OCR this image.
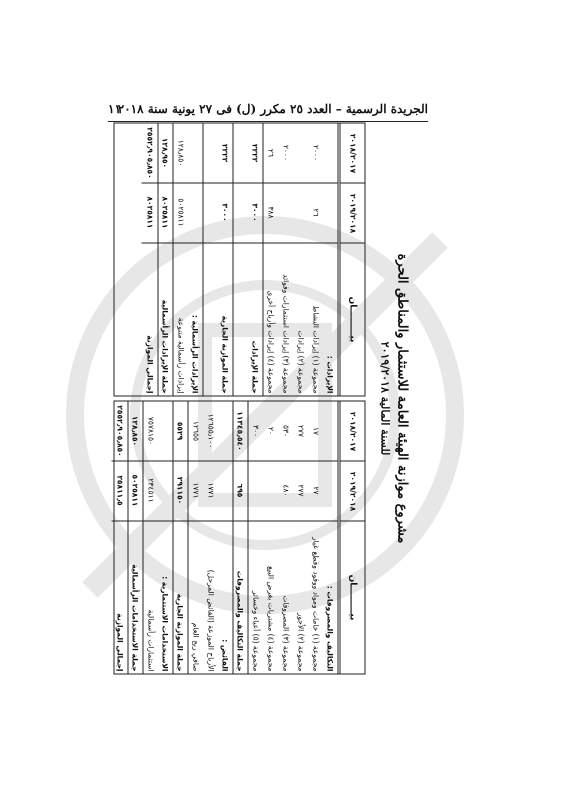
الجريدة الرسمية – العدد ٢٥ مكرر (ل) فى ٢٧ يونية سنة ٢٠١٨
١١
مشروع موازنة الهيئة العامة للاستثمار والمناطق الحرة
للسنة المالية ٢٠١٩/٢٠١٨
بيـــــــــان
٢٠١٩/٢٠١٨
٢٠١٨/٢٠١٧
التكاليف والمصروفات :
مجموعة (١) خامات ومواد ووقود وقطع غيار
٢٧
١٧
مجموعة (٢) الأجور
٢٧٧
٢٧٧
مجموعة (٣) المصروفات
٤٨٠
٥٣٠
مجموعة (٤) مشتريات بغرض البيع
٢٠
مجموعة (٥) أعباء وخسائر
٣٠٠
جملة التكاليف والمصروفات
٦٩٥
١١٣٤٥٫٥٤٠
الفائض :
الأرباح الموزعة (الفائض المرحل)
١٧٧١
١٢٦٥٥٫١٠٠
صافي ربح العام
١٧٧١
١٢٦٥٥
جملة الموازنة الجارية
٢٩١١٥٠
٥٥٢٩
الاستخدامات الاستثمارية :
استثمارات رأسمالية
٢٣٤٥١١
٧٥٧٨١٥٠
جملة الاستخدامات الرأسمالية
٥٠٢٥٨١١
١٢٨٫٨٥٠
إجمالي الموازنة
٢٥٨١١٫٥
٢٥٥٢٫٩٠٥٫٨٥٠
بيـــــــــان
٢٠١٩/٢٠١٨
٢٠١٨/٢٠١٧
الإيرادات :
مجموعة (١) إيرادات النشاط
٢٦
٢٠٠٠
مجموعة (٢) إيرادات
مجموعة (٣) إيرادات استثمارات وفوائد
٢٠٠٠
مجموعة (٤) إيرادات وأرباح أخرى
٣٨٨
٢٦
جملة الإيرادات
٣٠٠٠
٢٢٢٢
جملة الموازنة الجارية
٣٠٠٠
٢٢٢٢
الإيرادات الرأسمالية :
إيرادات رأسمالية متنوعة
٥٠٢٥٨١١
١٢٨٫٨٥٠
جملة الإيرادات الرأسمالية
٨٠٢٥٨١١
١٢٨٫٩٥٠
إجمالي الموازنة
٨٠٢٥٨١١
٢٥٥٢٫٩٠٥٫٨٥٠
